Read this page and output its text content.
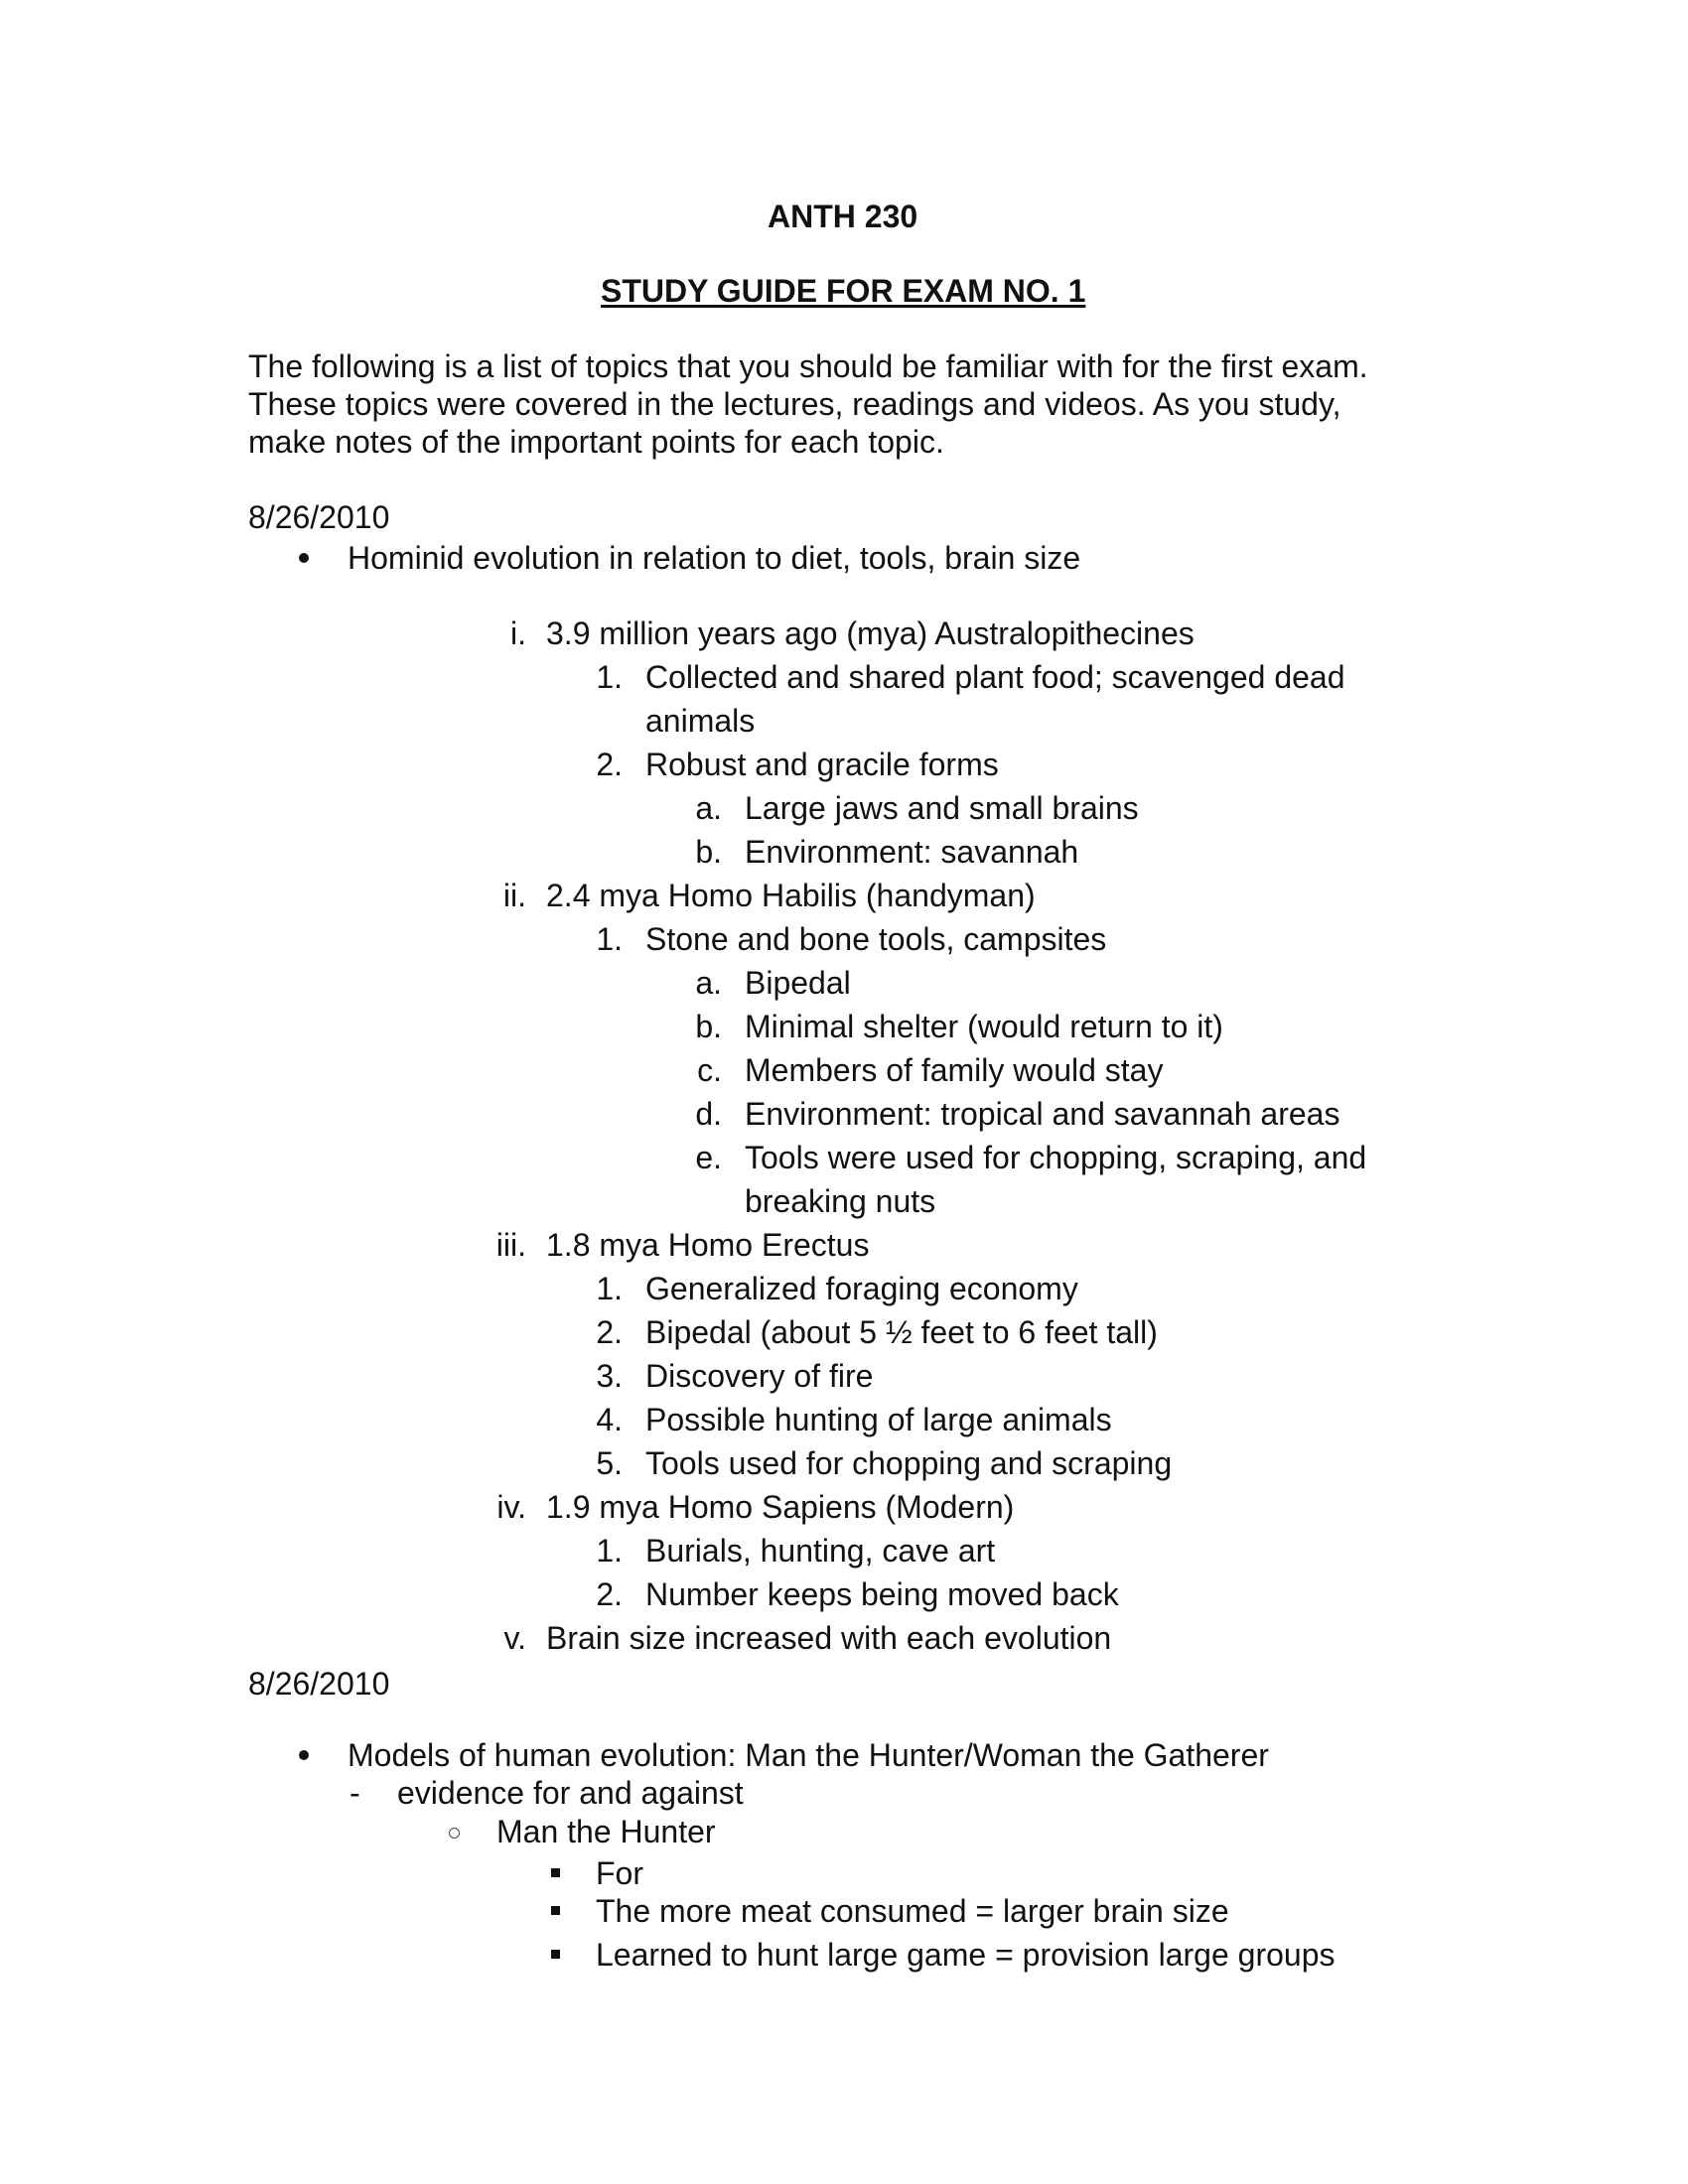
ANTH 230
STUDY GUIDE FOR EXAM NO. 1
The following is a list of topics that you should be familiar with for the first exam.
These topics were covered in the lectures, readings and videos. As you study,
make notes of the important points for each topic.
8/26/2010
Hominid evolution in relation to diet, tools, brain size
i. 3.9 million years ago (mya) Australopithecines
1. Collected and shared plant food; scavenged dead
animals
2. Robust and gracile forms
a. Large jaws and small brains
b. Environment: savannah
ii. 2.4 mya Homo Habilis (handyman)
1. Stone and bone tools, campsites
a. Bipedal
b. Minimal shelter (would return to it)
c. Members of family would stay
d. Environment: tropical and savannah areas
e. Tools were used for chopping, scraping, and
breaking nuts
iii. 1.8 mya Homo Erectus
1. Generalized foraging economy
2. Bipedal (about 5 ½ feet to 6 feet tall)
3. Discovery of fire
4. Possible hunting of large animals
5. Tools used for chopping and scraping
iv. 1.9 mya Homo Sapiens (Modern)
1. Burials, hunting, cave art
2. Number keeps being moved back
v. Brain size increased with each evolution
8/26/2010
Models of human evolution: Man the Hunter/Woman the Gatherer
- evidence for and against
Man the Hunter
For
The more meat consumed = larger brain size
Learned to hunt large game = provision large groups
